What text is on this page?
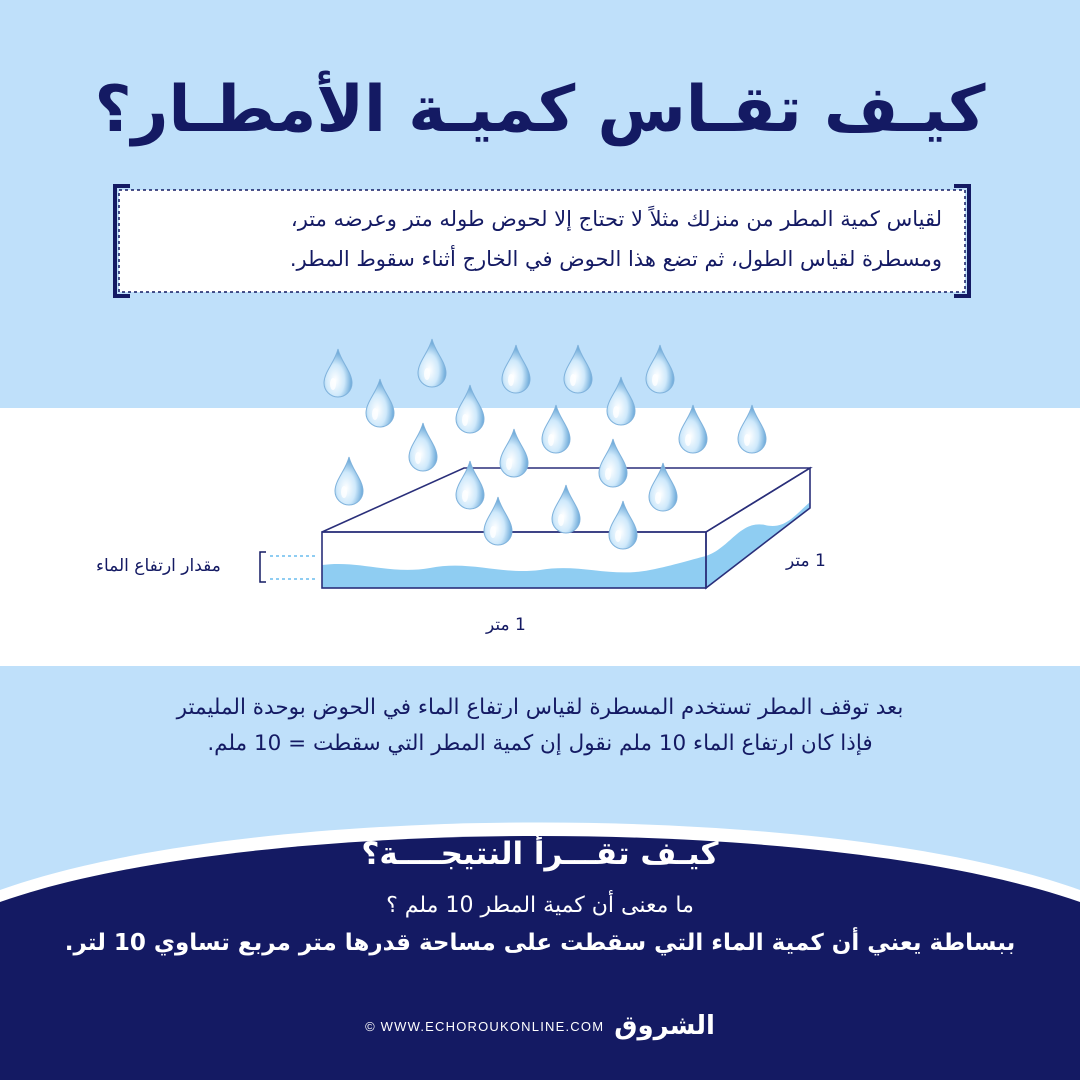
كيـف تقـاس كميـة الأمطـار؟
لقياس كمية المطر من منزلك مثلاً لا تحتاج إلا لحوض طوله متر وعرضه متر،
ومسطرة لقياس الطول، ثم تضع هذا الحوض في الخارج أثناء سقوط المطر.
مقدار ارتفاع الماء	1 متر
1 متر
بعد توقف المطر تستخدم المسطرة لقياس ارتفاع الماء في الحوض بوحدة المليمتر
فإذا كان ارتفاع الماء 10 ملم نقول إن كمية المطر التي سقطت = 10 ملم.
كيـف تقـــرأ النتيجــــة؟
ما معنى أن كمية المطر 10 ملم ؟
ببساطة يعني أن كمية الماء التي سقطت على مساحة قدرها متر مربع تساوي 10 لتر.
© WWW.ECHOROUKONLINE.COM الشروق
